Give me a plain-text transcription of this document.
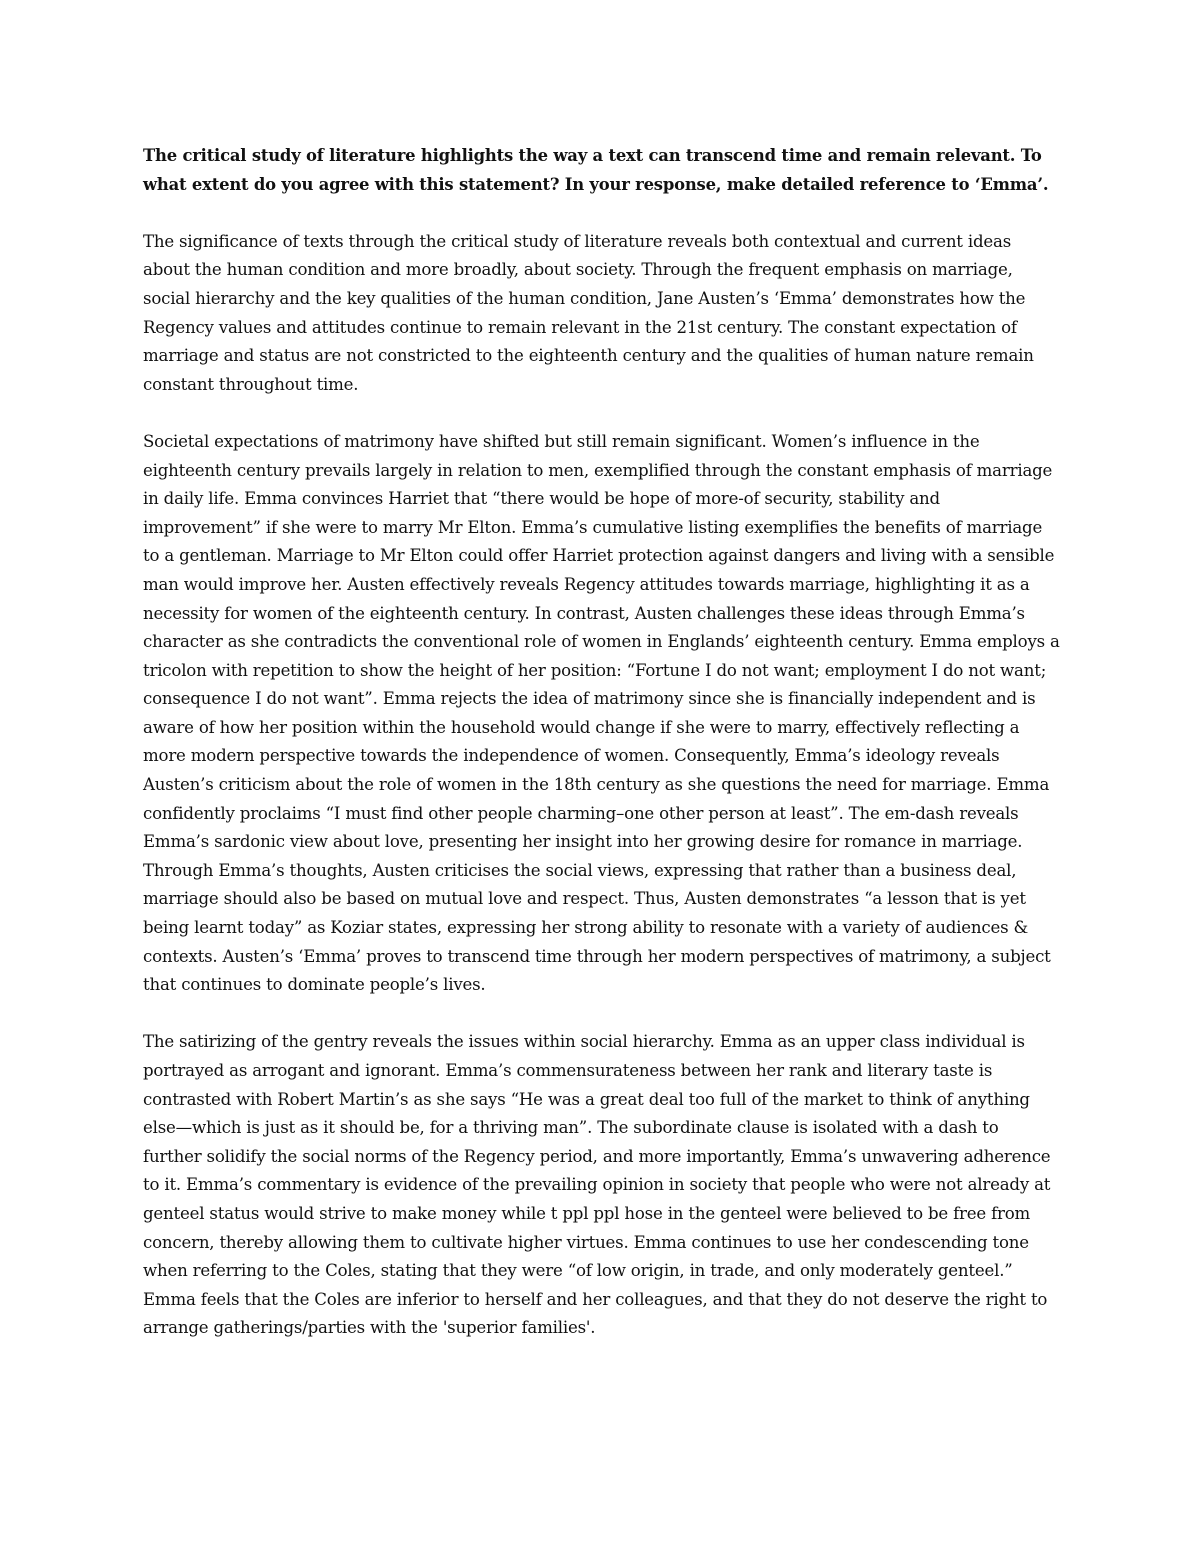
The critical study of literature highlights the way a text can transcend time and remain relevant. To what extent do you agree with this statement? In your response, make detailed reference to ‘Emma’.

The significance of texts through the critical study of literature reveals both contextual and current ideas about the human condition and more broadly, about society. Through the frequent emphasis on marriage, social hierarchy and the key qualities of the human condition, Jane Austen’s ‘Emma’ demonstrates how the Regency values and attitudes continue to remain relevant in the 21st century. The constant expectation of marriage and status are not constricted to the eighteenth century and the qualities of human nature remain constant throughout time.

Societal expectations of matrimony have shifted but still remain significant. Women’s influence in the eighteenth century prevails largely in relation to men, exemplified through the constant emphasis of marriage in daily life. Emma convinces Harriet that “there would be hope of more-of security, stability and improvement” if she were to marry Mr Elton. Emma’s cumulative listing exemplifies the benefits of marriage to a gentleman. Marriage to Mr Elton could offer Harriet protection against dangers and living with a sensible man would improve her. Austen effectively reveals Regency attitudes towards marriage, highlighting it as a necessity for women of the eighteenth century. In contrast, Austen challenges these ideas through Emma’s character as she contradicts the conventional role of women in Englands’ eighteenth century. Emma employs a tricolon with repetition to show the height of her position: “Fortune I do not want; employment I do not want; consequence I do not want”. Emma rejects the idea of matrimony since she is financially independent and is aware of how her position within the household would change if she were to marry, effectively reflecting a more modern perspective towards the independence of women. Consequently, Emma’s ideology reveals Austen’s criticism about the role of women in the 18th century as she questions the need for marriage. Emma confidently proclaims “I must find other people charming–one other person at least”. The em-dash reveals Emma’s sardonic view about love, presenting her insight into her growing desire for romance in marriage. Through Emma’s thoughts, Austen criticises the social views, expressing that rather than a business deal, marriage should also be based on mutual love and respect. Thus, Austen demonstrates “a lesson that is yet being learnt today” as Koziar states, expressing her strong ability to resonate with a variety of audiences & contexts. Austen’s ‘Emma’ proves to transcend time through her modern perspectives of matrimony, a subject that continues to dominate people’s lives.

The satirizing of the gentry reveals the issues within social hierarchy. Emma as an upper class individual is portrayed as arrogant and ignorant. Emma’s commensurateness between her rank and literary taste is contrasted with Robert Martin’s as she says “He was a great deal too full of the market to think of anything else—which is just as it should be, for a thriving man”. The subordinate clause is isolated with a dash to further solidify the social norms of the Regency period, and more importantly, Emma’s unwavering adherence to it. Emma’s commentary is evidence of the prevailing opinion in society that people who were not already at genteel status would strive to make money while t ppl ppl hose in the genteel were believed to be free from concern, thereby allowing them to cultivate higher virtues. Emma continues to use her condescending tone when referring to the Coles, stating that they were “of low origin, in trade, and only moderately genteel.” Emma feels that the Coles are inferior to herself and her colleagues, and that they do not deserve the right to arrange gatherings/parties with the 'superior families'.
